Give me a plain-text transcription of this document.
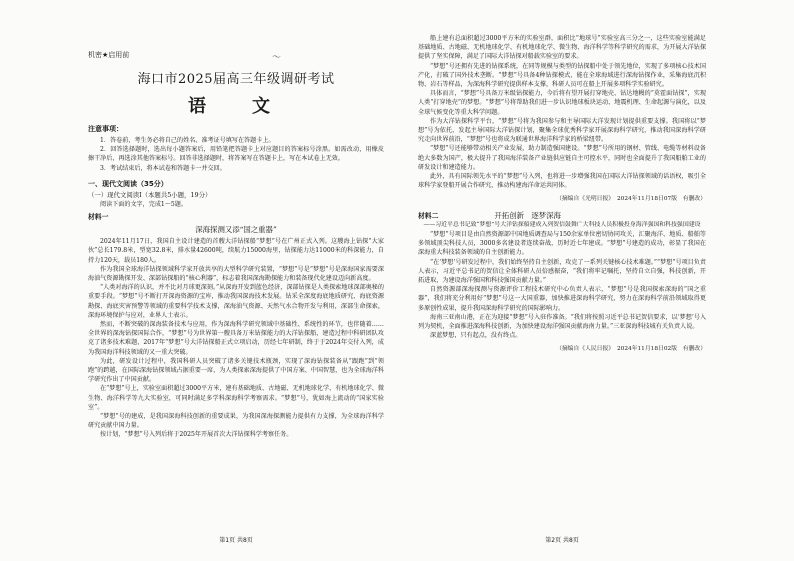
机密★启用前	〜
海口市2025届高三年级调研考试
语　文
注意事项：

1．答卷前，考生务必将自己的姓名、准考证号填写在答题卡上。

2．回答选择题时，选出每小题答案后，用铅笔把答题卡上对应题目的答案标号涂黑。如需改动，用橡皮擦干净后，再选涂其他答案标号。回答非选择题时，将答案写在答题卡上，写在本试卷上无效。

3．考试结束后，将本试卷和答题卡一并交回。

一、现代文阅读（35分）

（一）现代文阅读Ⅰ（本题共5小题，19分）

阅读下面的文字，完成1～5题。

材料一
深海探测又添“国之重器”

2024年11月17日，我国自主设计建造的首艘大洋钻探船“梦想”号在广州正式入列。这艘海上钻探“大家伙”总长179.8米，型宽32.8米，排水量42600吨，续航力15000海里，钻探能力达11000米的科深能力，自持力120天，载员180人。

作为我国全球海洋钻探领域科学家开放共享的大型科学研究装置，“梦想”号是“梦想”号是深海国家需要深海油气资源勘探开发、深部钻探船的“核心利器”，标志着我国深海勘探能力和装备现代化建设迈向新高度。

“人类对海洋的认识，并不比对月球更深刻。”从深海开发到蓝色经济，深部钻探是人类探索地球深部奥秘的重要手段。“梦想”号不断打开深海资源的宝库，推动我国深海技术发展。钻采全深度海底地质研究、海底资源勘探、海底灾害预警等领域的重要科学技术支撑，深海油气资源、天然气水合物开发与利用，深部生命探索，深海环境保护与应对，业界人士表示。

然而，不断突破的深海装备技术与应用，作为深海科学研究领域中基础性、系统性的环节，也伴随着……全世界的深海钻探国际合作，“梦想”号为世界第一艘具备万米钻探能力的大洋钻探船，建造过程中科研团队攻克了诸多技术难题，2017年“梦想”号大洋钻探船正式立项启动，历经七年研制，终于于2024年交付入列，成为我国海洋科技领域的又一重大突破。

为此，研发设计过程中，我国科研人员突破了诸多关键技术瓶颈，实现了深海钻探装备从“跟跑”到“领跑”的跨越，在国际深海钻探领域占据重要一席，为人类探索深海提供了中国方案、中国智慧，也为全球海洋科学研究作出了中国贡献。

在“梦想”号上，实验室面积超过3000平方米，建有基础地质、古地磁、无机地球化学、有机地球化学、微生物、海洋科学等九大实验室，可同时满足多学科深海科学考察需求。“梦想”号，犹如海上流动的“国家实验室”。

“梦想”号的建成，是我国深海科技创新的重要成果，为我国深海探测能力提供有力支撑，为全球海洋科学研究贡献中国力量。

按计划，“梦想”号入列后将于2025年开展首次大洋钻探科学考察任务。

第1页 共8页

船上建有总面积超过3000平方米的实验室群，面积比“地球号”实验室高三分之一，这些实验室能满足基础地质、古地磁、无机地球化学、有机地球化学、微生物、海洋科学等科学研究的需求，为开展大洋钻探提供了坚实保障，满足了国际大洋钻探对船载实验室的要求。

“梦想”号还拥有先进的钻探系统，在同等规模与类型的钻探船中处于领先地位，实现了多项核心技术国产化，打破了国外技术垄断。“梦想”号具备4种钻探模式，能在全球海域进行深海钻探作业，采集海底沉积物、岩石等样品，为深海科学研究提供样本支撑，科研人员可在船上开展多项科学实验研究。

具体而言，“梦想”号具备万米级钻探能力，今后将有望开展打穿地壳、钻达地幔的“莫霍面钻探”，实现人类“打穿地壳”的梦想。“梦想”号将帮助我们进一步认识地球板块运动、地震机理、生命起源与演化，以及全球气候变化等重大科学问题。

作为大洋钻探科学平台，“梦想”号将为我国参与和主导国际大洋发现计划提供重要支撑。我国将以“梦想”号为依托，发起主导国际大洋钻探计划，聚集全球优秀科学家开展深海科学研究，推动我国深海科学研究走向世界前沿，“梦想”号也将成为联通世界海洋科学家的桥梁纽带。

“梦想”号还能够带动相关产业发展，助力制造强国建设。“梦想”号所用的钢材、管线、电缆等材料设备绝大多数为国产，极大提升了我国海洋装备产业链供应链自主可控水平，同时也全面提升了我国船舶工业的研发设计和建造能力。

此外，具有国际领先水平的“梦想”号入列，也将进一步增强我国在国际大洋钻探领域的话语权，吸引全球科学家登船开展合作研究，推动构建海洋命运共同体。

（摘编自《光明日报》　2024年11月18日07版　有删改）
材料二	开拓创新　逐梦深海
——习近平总书记致“梦想”号大洋钻探船建成入列贺信鼓舞广大科技人员积极投身海洋强国和科技强国建设

“梦想”号项目是由自然资源部中国地质调查局与150余家单位密切协同攻关，汇聚海洋、地质、船舶等多领域顶尖科技人员，3000多名建设者连续奋战，历时近七年建成。“梦想”号建造的成功，彰显了我国在深海重大科技装备领域的自主创新能力。

“在‘梦想’号研发过程中，我们始终坚持自主创新，攻克了一系列关键核心技术难题。”“梦想”号项目负责人表示，习近平总书记的贺信让全体科研人员倍感振奋，“我们将牢记嘱托，坚持自立自强，科技创新，开拓进取，为建设海洋强国和科技强国贡献力量。”

自然资源部深海探测与资源评价工程技术研究中心负责人表示，“梦想”号是我国探索深海的“国之重器”，我们将充分利用好“梦想”号这一大国重器，加快推进深海科学研究，努力在深海科学前沿领域取得更多原创性成果，提升我国深海科学研究的国际影响力。

海南三亚南山港，正在为迎接“梦想”号入驻作准备。“我们将按照习近平总书记贺信要求，以‘梦想’号入列为契机，全面推进深海科技创新，为加快建设海洋强国贡献海南力量。”三亚深海科技城有关负责人说。

深蓝梦想，只有起点，没有终点。

（摘编自《人民日报》　2024年11月18日02版　有删改）
第2页 共8页
